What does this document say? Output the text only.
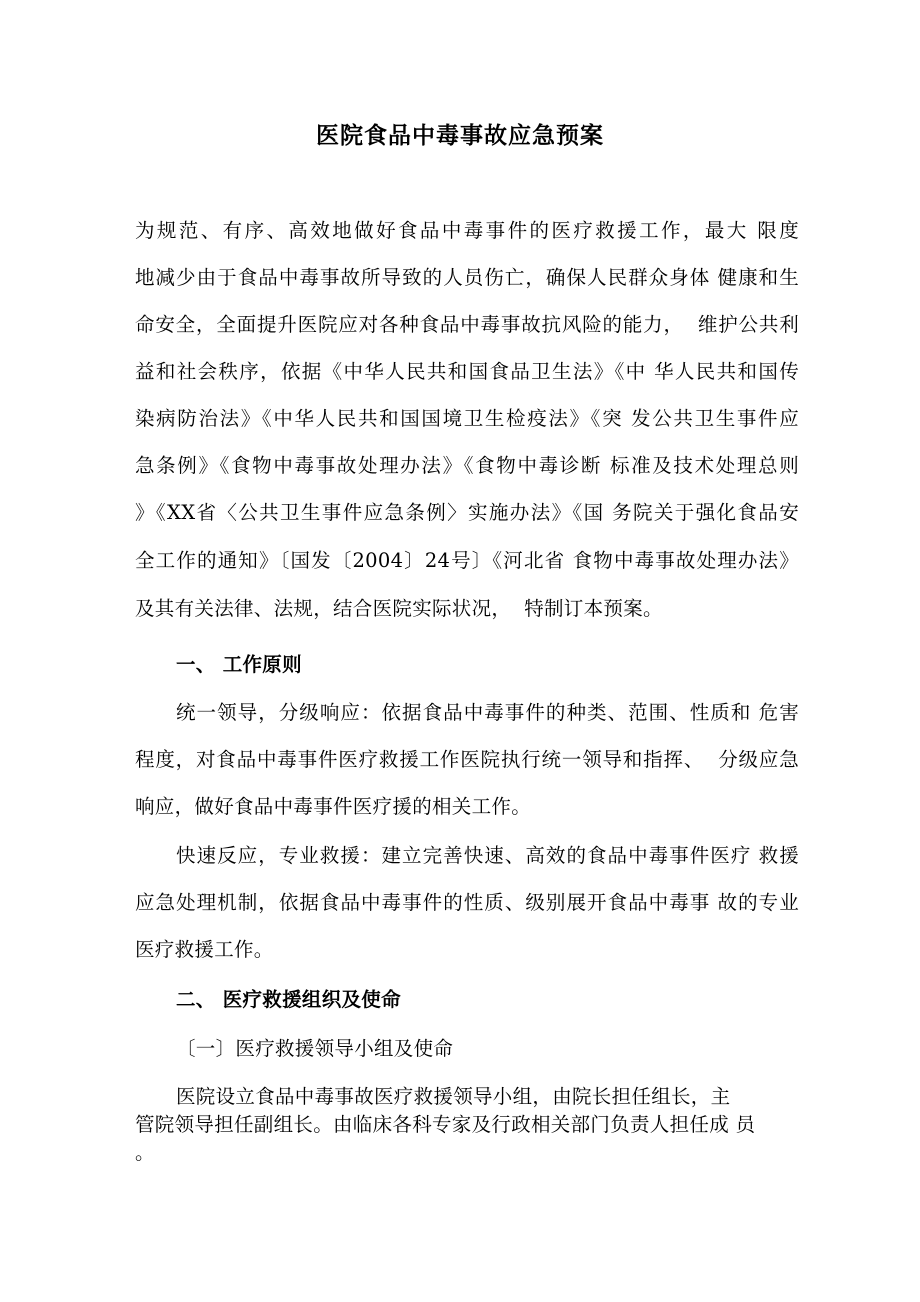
医院食品中毒事故应急预案
为规范、有序、高效地做好食品中毒事件的医疗救援工作，最大 限度
地减少由于食品中毒事故所导致的人员伤亡，确保人民群众身体 健康和生
命安全，全面提升医院应对各种食品中毒事故抗风险的能力，  维护公共利
益和社会秩序，依据《中华人民共和国食品卫生法》《中 华人民共和国传
染病防治法》《中华人民共和国国境卫生检疫法》《突 发公共卫生事件应
急条例》《食物中毒事故处理办法》《食物中毒诊断 标准及技术处理总则
》《XX省〈公共卫生事件应急条例〉实施办法》《国 务院关于强化食品安
全工作的通知》〔国发〔2004〕24号〕《河北省 食物中毒事故处理办法》
及其有关法律、法规，结合医院实际状况，  特制订本预案。
一、 工作原则
统一领导，分级响应：依据食品中毒事件的种类、范围、性质和 危害
程度，对食品中毒事件医疗救援工作医院执行统一领导和指挥、  分级应急
响应，做好食品中毒事件医疗援的相关工作。
快速反应，专业救援：建立完善快速、高效的食品中毒事件医疗 救援
应急处理机制，依据食品中毒事件的性质、级别展开食品中毒事 故的专业
医疗救援工作。
二、 医疗救援组织及使命
〔一〕医疗救援领导小组及使命
医院设立食品中毒事故医疗救援领导小组，由院长担任组长，主
管院领导担任副组长。由临床各科专家及行政相关部门负责人担任成 员
。
